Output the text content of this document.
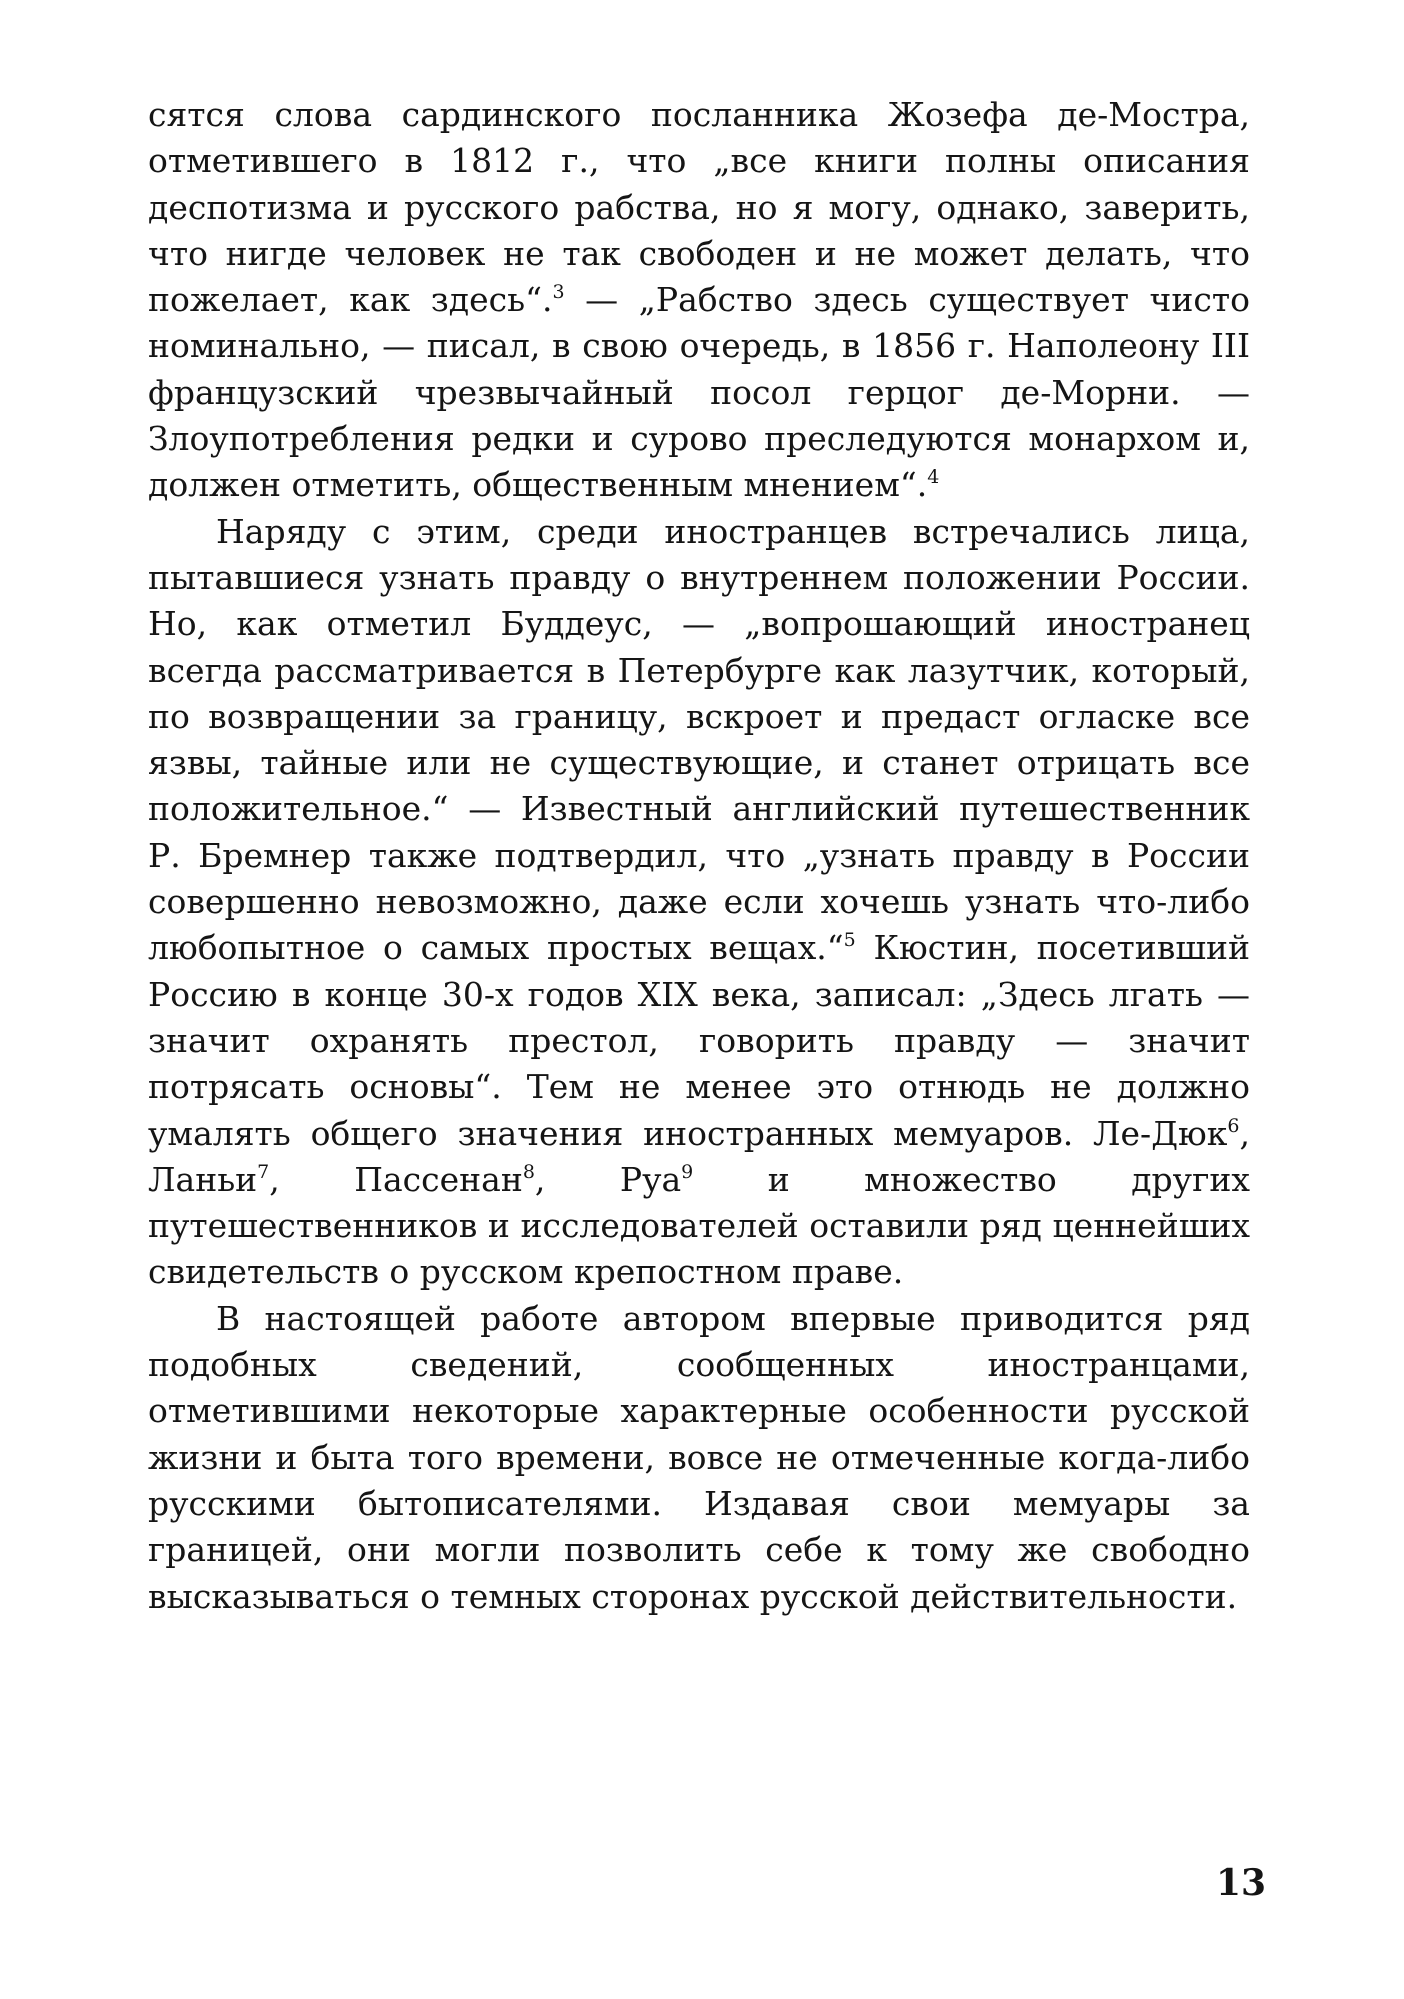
сятся слова сардинского посланника Жозефа де-Мостра, отметившего в 1812 г., что „все книги полны описания деспотизма и русского рабства, но я могу, однако, заверить, что нигде человек не так свободен и не может делать, что пожелает, как здесь“.$^3$ — „Рабство здесь существует чисто номинально, — писал, в свою очередь, в 1856 г. Наполеону III французский чрезвычайный посол герцог де-Морни. — Злоупотребления редки и сурово преследуются монархом и, должен отметить, общественным мнением“.$^4$

Наряду с этим, среди иностранцев встречались лица, пытавшиеся узнать правду о внутреннем положении России. Но, как отметил Буддеус, — „вопрошающий иностранец всегда рассматривается в Петербурге как лазутчик, который, по возвращении за границу, вскроет и предаст огласке все язвы, тайные или не существующие, и станет отрицать все положительное.“ — Известный английский путешественник Р. Бремнер также подтвердил, что „узнать правду в России совершенно невозможно, даже если хочешь узнать что-либо любопытное о самых простых вещах.“$^5$ Кюстин, посетивший Россию в конце 30-х годов XIX века, записал: „Здесь лгать — значит охранять престол, говорить правду — значит потрясать основы“. Тем не менее это отнюдь не должно умалять общего значения иностранных мемуаров. Ле-Дюк$^6$, Ланьи$^7$, Пассенан$^8$, Руа$^9$ и множество других путешественников и исследователей оставили ряд ценнейших свидетельств о русском крепостном праве.

В настоящей работе автором впервые приводится ряд подобных сведений, сообщенных иностранцами, отметившими некоторые характерные особенности русской жизни и быта того времени, вовсе не отмеченные когда-либо русскими бытописателями. Издавая свои мемуары за границей, они могли позволить себе к тому же свободно высказываться о темных сторонах русской действительности.

13
